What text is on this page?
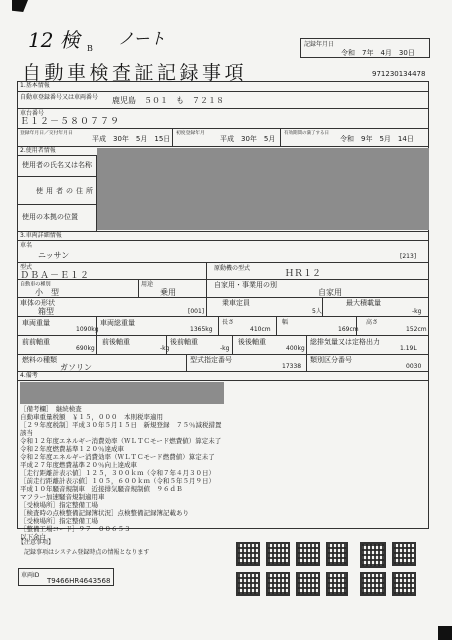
12 検 B
ノート	記録年月日
令和　7年　4月　30日
自動車検査証記録事項	971230134478
1.基本情報
自動車登録番号又は車両番号 鹿児島　５０１　も　７２１８
車台番号
Ｅ１２－５８０７７９
登録年月日／交付年月日
平成　30年　5月　15日
初度登録年月
平成　30年　5月
有効期間の満了する日
令和　9年　5月　14日
2.使用者情報
使用者の氏名又は名称
使用者の住所
使用の本拠の位置
3.車両詳細情報
車名
ニッサン	[213]
型式
ＤＢＡ－Ｅ１２
原動機の型式
ＨＲ１２
自動車の種別
小　型
用途
乗用
自家用・事業用の別
自家用
車体の形状
箱型	[001]
乗車定員
5人
最大積載量
-kg
車両重量
1090kg
車両総重量
1365kg
長さ
410cm
幅
169cm
高さ
152cm
前前軸重
690kg
前後軸重
-kg
後前軸重
-kg
後後軸重
400kg
総排気量又は定格出力
1.19L
燃料の種類
ガソリン
型式指定番号
17338
類別区分番号
0030
4.備考
［備考欄］　継続検査
自動車重量税額　￥１５，０００　本則税率適用
［２９年度税制］平成３０年５月１５日　新規登録　７５％減税措置
該当
令和１２年度エネルギー消費効率（ＷＬＴＣモード燃費値）算定未了
令和２年度燃費基準１２０％達成車
令和２年度エネルギー消費効率（ＷＬＴＣモード燃費値）算定未了
平成２７年度燃費基準２０％向上達成車
［走行距離計表示値］１２５，３００ｋｍ（令和７年４月３０日）
［前走行距離計表示値］１０５，６００ｋｍ（令和５年５月９日）
平成１０年騒音規制車　近接排気騒音規制値　９６ｄＢ
マフラー加速騒音規制適用車
［受検場所］指定整備工場
［検査時の点検整備記録簿状況］点検整備記録簿記載あり
［受検場所］指定整備工場
［整備工場コード］９７－００６５３
以下余白
【注意事項】
記録事項はシステム登録時点の情報となります
車両ID
T9466HR4643568
